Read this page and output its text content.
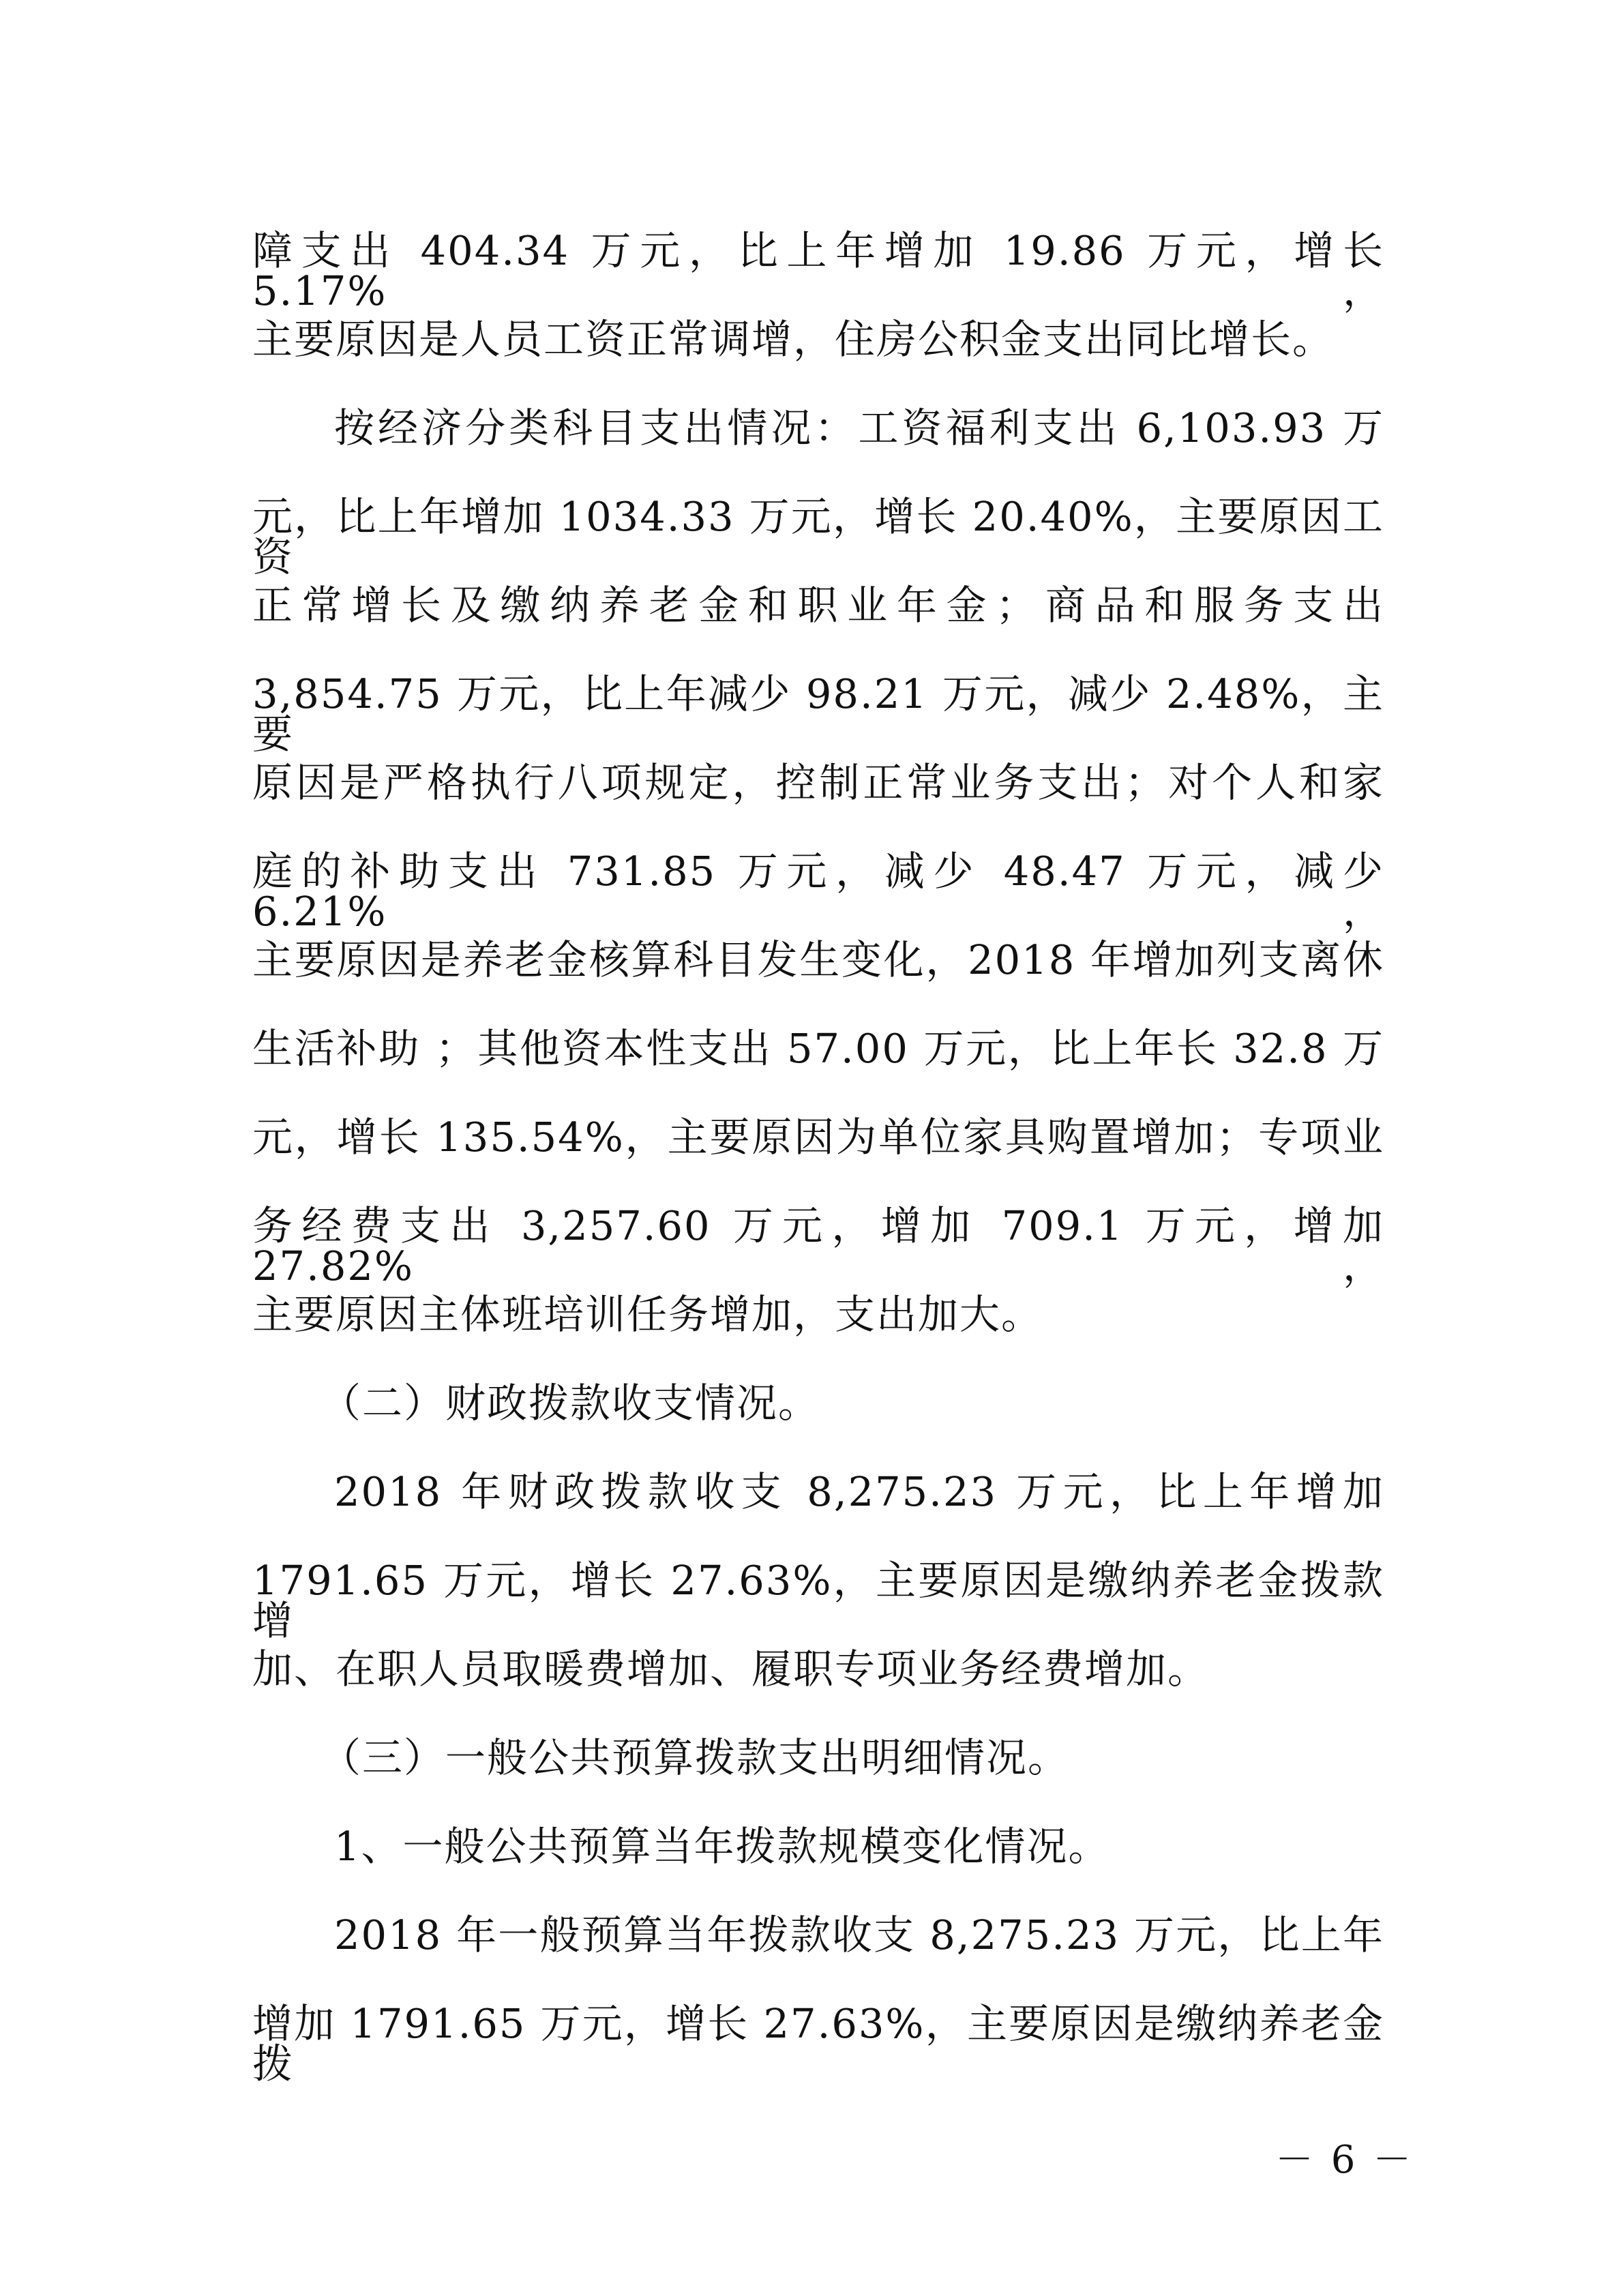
障支出 404.34 万元，比上年增加 19.86 万元，增长 5.17%，
主要原因是人员工资正常调增，住房公积金支出同比增长。
按经济分类科目支出情况：工资福利支出 6,103.93 万
元，比上年增加 1034.33 万元，增长 20.40%，主要原因工资
正常增长及缴纳养老金和职业年金；商品和服务支出
3,854.75 万元，比上年减少 98.21 万元，减少 2.48%，主要
原因是严格执行八项规定，控制正常业务支出；对个人和家
庭的补助支出 731.85 万元，减少 48.47 万元，减少 6.21%，
主要原因是养老金核算科目发生变化，2018 年增加列支离休
生活补助 ；其他资本性支出 57.00 万元，比上年长 32.8 万
元，增长 135.54%，主要原因为单位家具购置增加；专项业
务经费支出 3,257.60 万元，增加 709.1 万元，增加 27.82%，
主要原因主体班培训任务增加，支出加大。
（二）财政拨款收支情况。
2018 年财政拨款收支 8,275.23 万元，比上年增加
1791.65 万元，增长 27.63%，主要原因是缴纳养老金拨款增
加、在职人员取暖费增加、履职专项业务经费增加。
（三）一般公共预算拨款支出明细情况。
1、一般公共预算当年拨款规模变化情况。
2018 年一般预算当年拨款收支 8,275.23 万元，比上年
增加 1791.65 万元，增长 27.63%，主要原因是缴纳养老金拨
－ 6 －
